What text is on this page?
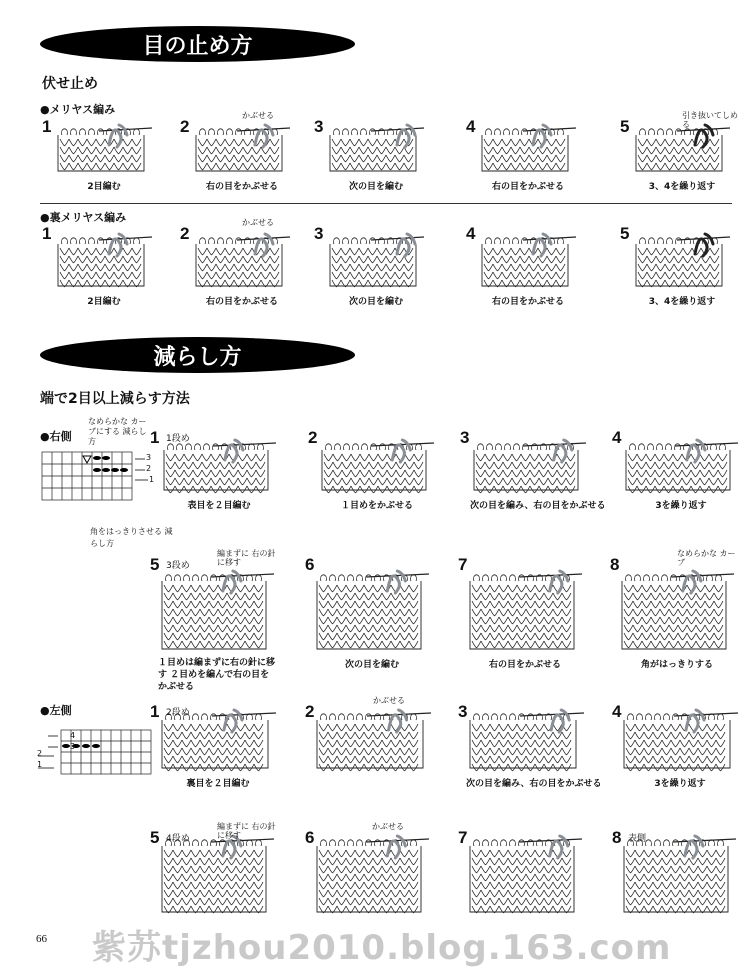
目の止め方
伏せ止め
●メリヤス編み
1
2目編む
2
かぶせる
右の目をかぶせる
3
次の目を編む
4
右の目をかぶせる
5
引き抜いてしめる
3、4を繰り返す
●裏メリヤス編み
1
2目編む
2
かぶせる
右の目をかぶせる
3
次の目を編む
4
右の目をかぶせる
5
3、4を繰り返す
減らし方
端で2目以上減らす方法
●右側
なめらかな カーブにする 減らし方
3
2
1
角をはっきりさせる 減らし方
1 1段め
表目を２目編む
2
１目めをかぶせる
3
次の目を編み、右の目をかぶせる
4
3を繰り返す
5 3段め
編まずに 右の針に移す
１目めは編まずに右の針に移す ２目めを編んで右の目をかぶせる
6
次の目を編む
7
右の目をかぶせる
8
なめらかな カーブ
角がはっきりする
●左側
4
3
2
1
1 2段め
裏目を２目編む
2
かぶせる
3
次の目を編み、右の目をかぶせる
4
3を繰り返す
5 4段め
編まずに 右の針に移す	6
かぶせる
7	8 表側
66 紫苏tjzhou2010.blog.163.com
